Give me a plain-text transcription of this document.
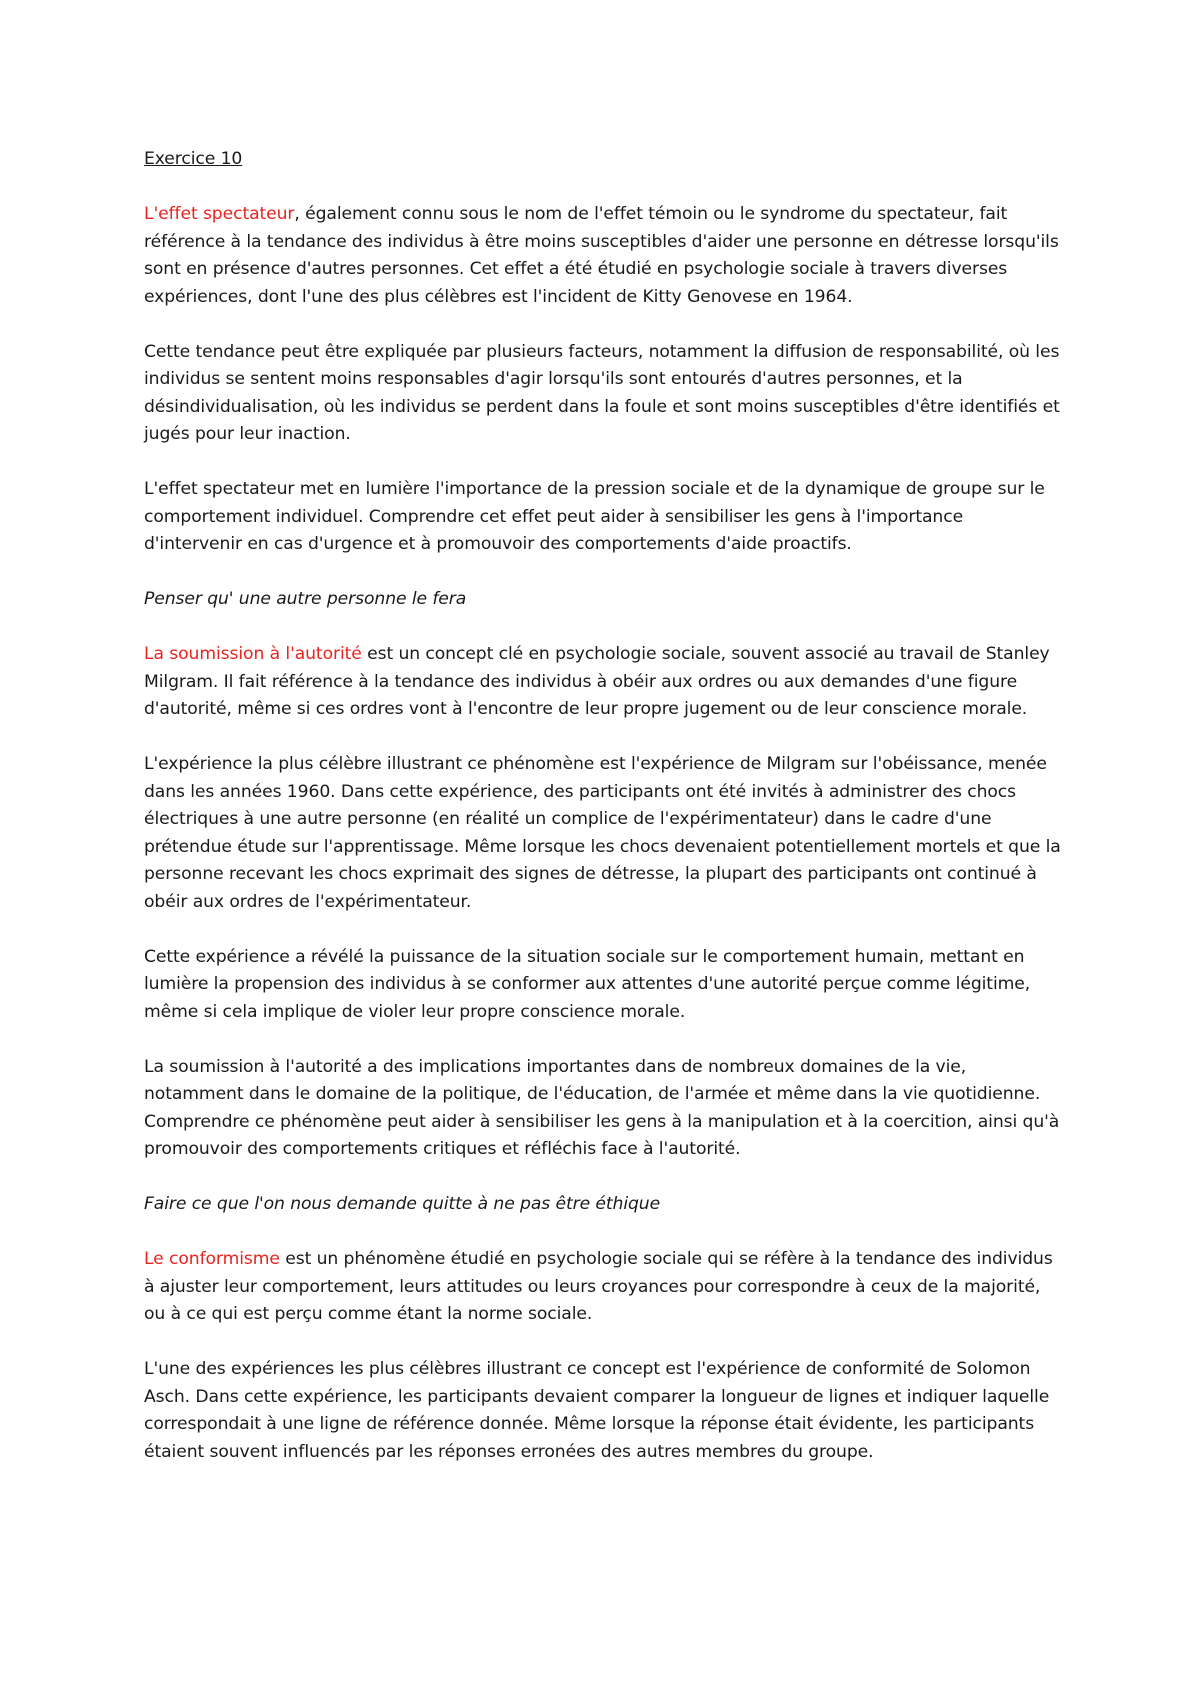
Exercice 10

L'effet spectateur, également connu sous le nom de l'effet témoin ou le syndrome du spectateur, fait référence à la tendance des individus à être moins susceptibles d'aider une personne en détresse lorsqu'ils sont en présence d'autres personnes. Cet effet a été étudié en psychologie sociale à travers diverses expériences, dont l'une des plus célèbres est l'incident de Kitty Genovese en 1964.

Cette tendance peut être expliquée par plusieurs facteurs, notamment la diffusion de responsabilité, où les individus se sentent moins responsables d'agir lorsqu'ils sont entourés d'autres personnes, et la désindividualisation, où les individus se perdent dans la foule et sont moins susceptibles d'être identifiés et jugés pour leur inaction.

L'effet spectateur met en lumière l'importance de la pression sociale et de la dynamique de groupe sur le comportement individuel. Comprendre cet effet peut aider à sensibiliser les gens à l'importance d'intervenir en cas d'urgence et à promouvoir des comportements d'aide proactifs.

Penser qu' une autre personne le fera

La soumission à l'autorité est un concept clé en psychologie sociale, souvent associé au travail de Stanley Milgram. Il fait référence à la tendance des individus à obéir aux ordres ou aux demandes d'une figure d'autorité, même si ces ordres vont à l'encontre de leur propre jugement ou de leur conscience morale.

L'expérience la plus célèbre illustrant ce phénomène est l'expérience de Milgram sur l'obéissance, menée dans les années 1960. Dans cette expérience, des participants ont été invités à administrer des chocs électriques à une autre personne (en réalité un complice de l'expérimentateur) dans le cadre d'une prétendue étude sur l'apprentissage. Même lorsque les chocs devenaient potentiellement mortels et que la personne recevant les chocs exprimait des signes de détresse, la plupart des participants ont continué à obéir aux ordres de l'expérimentateur.

Cette expérience a révélé la puissance de la situation sociale sur le comportement humain, mettant en lumière la propension des individus à se conformer aux attentes d'une autorité perçue comme légitime, même si cela implique de violer leur propre conscience morale.

La soumission à l'autorité a des implications importantes dans de nombreux domaines de la vie, notamment dans le domaine de la politique, de l'éducation, de l'armée et même dans la vie quotidienne. Comprendre ce phénomène peut aider à sensibiliser les gens à la manipulation et à la coercition, ainsi qu'à promouvoir des comportements critiques et réfléchis face à l'autorité.

Faire ce que l'on nous demande quitte à ne pas être éthique

Le conformisme est un phénomène étudié en psychologie sociale qui se réfère à la tendance des individus à ajuster leur comportement, leurs attitudes ou leurs croyances pour correspondre à ceux de la majorité, ou à ce qui est perçu comme étant la norme sociale.

L'une des expériences les plus célèbres illustrant ce concept est l'expérience de conformité de Solomon Asch. Dans cette expérience, les participants devaient comparer la longueur de lignes et indiquer laquelle correspondait à une ligne de référence donnée. Même lorsque la réponse était évidente, les participants étaient souvent influencés par les réponses erronées des autres membres du groupe.
